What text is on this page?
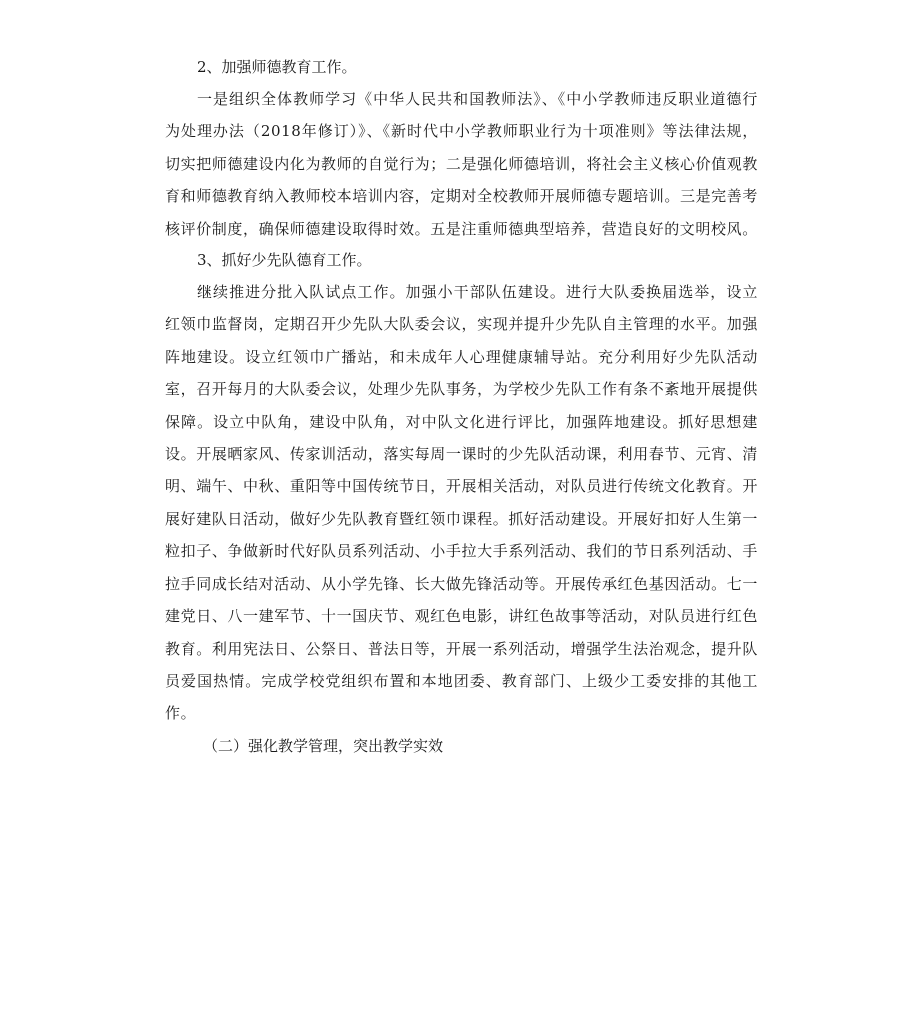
2、加强师德教育工作。

一是组织全体教师学习《中华人民共和国教师法》、《中小学教师违反职业道德行为处理办法（2018年修订）》、《新时代中小学教师职业行为十项准则》等法律法规，切实把师德建设内化为教师的自觉行为；二是强化师德培训，将社会主义核心价值观教育和师德教育纳入教师校本培训内容，定期对全校教师开展师德专题培训。三是完善考核评价制度，确保师德建设取得时效。五是注重师德典型培养，营造良好的文明校风。

3、抓好少先队德育工作。

继续推进分批入队试点工作。加强小干部队伍建设。进行大队委换届选举，设立红领巾监督岗，定期召开少先队大队委会议，实现并提升少先队自主管理的水平。加强阵地建设。设立红领巾广播站，和未成年人心理健康辅导站。充分利用好少先队活动室，召开每月的大队委会议，处理少先队事务，为学校少先队工作有条不紊地开展提供保障。设立中队角，建设中队角，对中队文化进行评比，加强阵地建设。抓好思想建设。开展晒家风、传家训活动，落实每周一课时的少先队活动课，利用春节、元宵、清明、端午、中秋、重阳等中国传统节日，开展相关活动，对队员进行传统文化教育。开展好建队日活动，做好少先队教育暨红领巾课程。抓好活动建设。开展好扣好人生第一粒扣子、争做新时代好队员系列活动、小手拉大手系列活动、我们的节日系列活动、手拉手同成长结对活动、从小学先锋、长大做先锋活动等。开展传承红色基因活动。七一建党日、八一建军节、十一国庆节、观红色电影，讲红色故事等活动，对队员进行红色教育。利用宪法日、公祭日、普法日等，开展一系列活动，增强学生法治观念，提升队员爱国热情。完成学校党组织布置和本地团委、教育部门、上级少工委安排的其他工作。

（二）强化教学管理，突出教学实效
